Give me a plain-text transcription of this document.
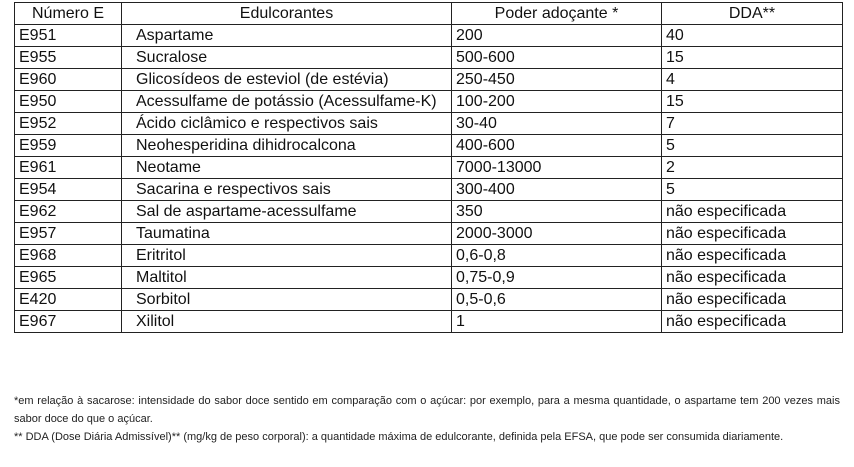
Número E	Edulcorantes	Poder adoçante *	DDA**
E951	Aspartame	200	40
E955	Sucralose	500-600	15
E960	Glicosídeos de esteviol (de estévia)	250-450	4
E950	Acessulfame de potássio (Acessulfame-K)	100-200	15
E952	Ácido ciclâmico e respectivos sais	30-40	7
E959	Neohesperidina dihidrocalcona	400-600	5
E961	Neotame	7000-13000	2
E954	Sacarina e respectivos sais	300-400	5
E962	Sal de aspartame-acessulfame	350	não especificada
E957	Taumatina	2000-3000	não especificada
E968	Eritritol	0,6-0,8	não especificada
E965	Maltitol	0,75-0,9	não especificada
E420	Sorbitol	0,5-0,6	não especificada
E967	Xilitol	1	não especificada

*em relação à sacarose: intensidade do sabor doce sentido em comparação com o açúcar: por exemplo, para a mesma quantidade, o aspartame tem 200 vezes mais sabor doce do que o açúcar.

** DDA (Dose Diária Admissível)** (mg/kg de peso corporal): a quantidade máxima de edulcorante, definida pela EFSA, que pode ser consumida diariamente.
